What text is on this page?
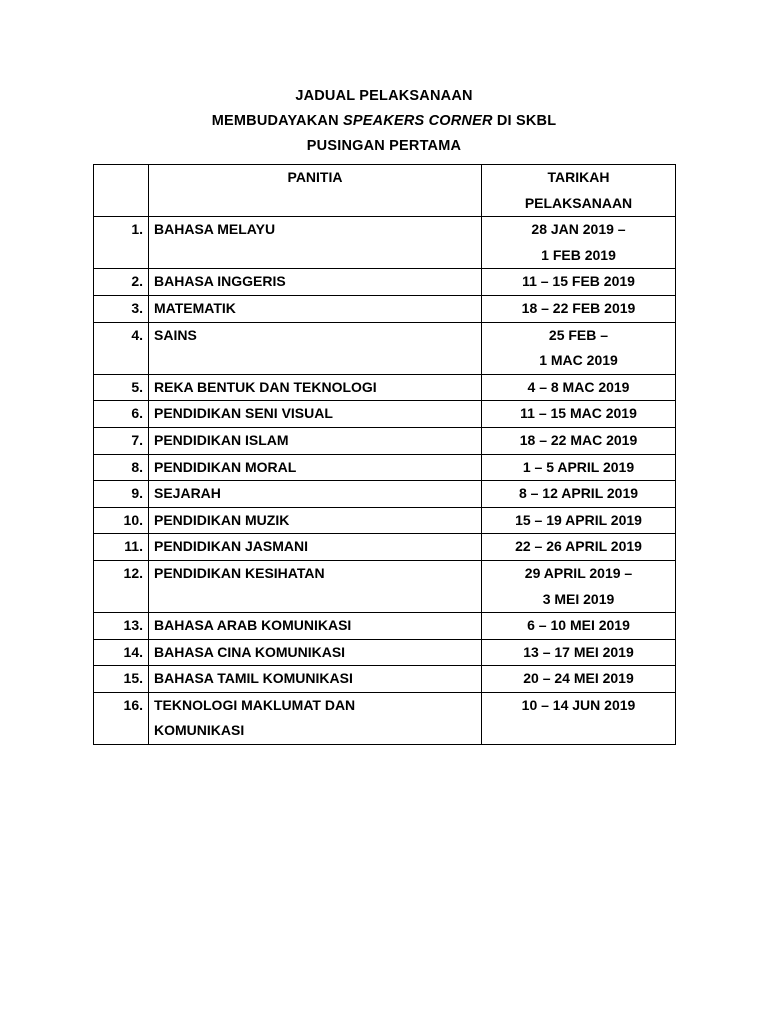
JADUAL PELAKSANAAN
MEMBUDAYAKAN SPEAKERS CORNER DI SKBL
PUSINGAN PERTAMA
	PANITIA	TARIKAH
PELAKSANAAN

1.	BAHASA MELAYU	28 JAN 2019 –
1 FEB 2019

2.	BAHASA INGGERIS	11 – 15 FEB 2019

3.	MATEMATIK	18 – 22 FEB 2019

4.	SAINS	25 FEB –
1 MAC 2019

5.	REKA BENTUK DAN TEKNOLOGI	4 – 8 MAC 2019

6.	PENDIDIKAN SENI VISUAL	11 – 15 MAC 2019

7.	PENDIDIKAN ISLAM	18 – 22 MAC 2019

8.	PENDIDIKAN MORAL	1 – 5 APRIL 2019

9.	SEJARAH	8 – 12 APRIL 2019

10.	PENDIDIKAN MUZIK	15 – 19 APRIL 2019

11.	PENDIDIKAN JASMANI	22 – 26 APRIL 2019

12.	PENDIDIKAN KESIHATAN	29 APRIL 2019 –
3 MEI 2019

13.	BAHASA ARAB KOMUNIKASI	6 – 10 MEI 2019

14.	BAHASA CINA KOMUNIKASI	13 – 17 MEI 2019

15.	BAHASA TAMIL KOMUNIKASI	20 – 24 MEI 2019

16.	TEKNOLOGI MAKLUMAT DAN
KOMUNIKASI	10 – 14 JUN 2019
